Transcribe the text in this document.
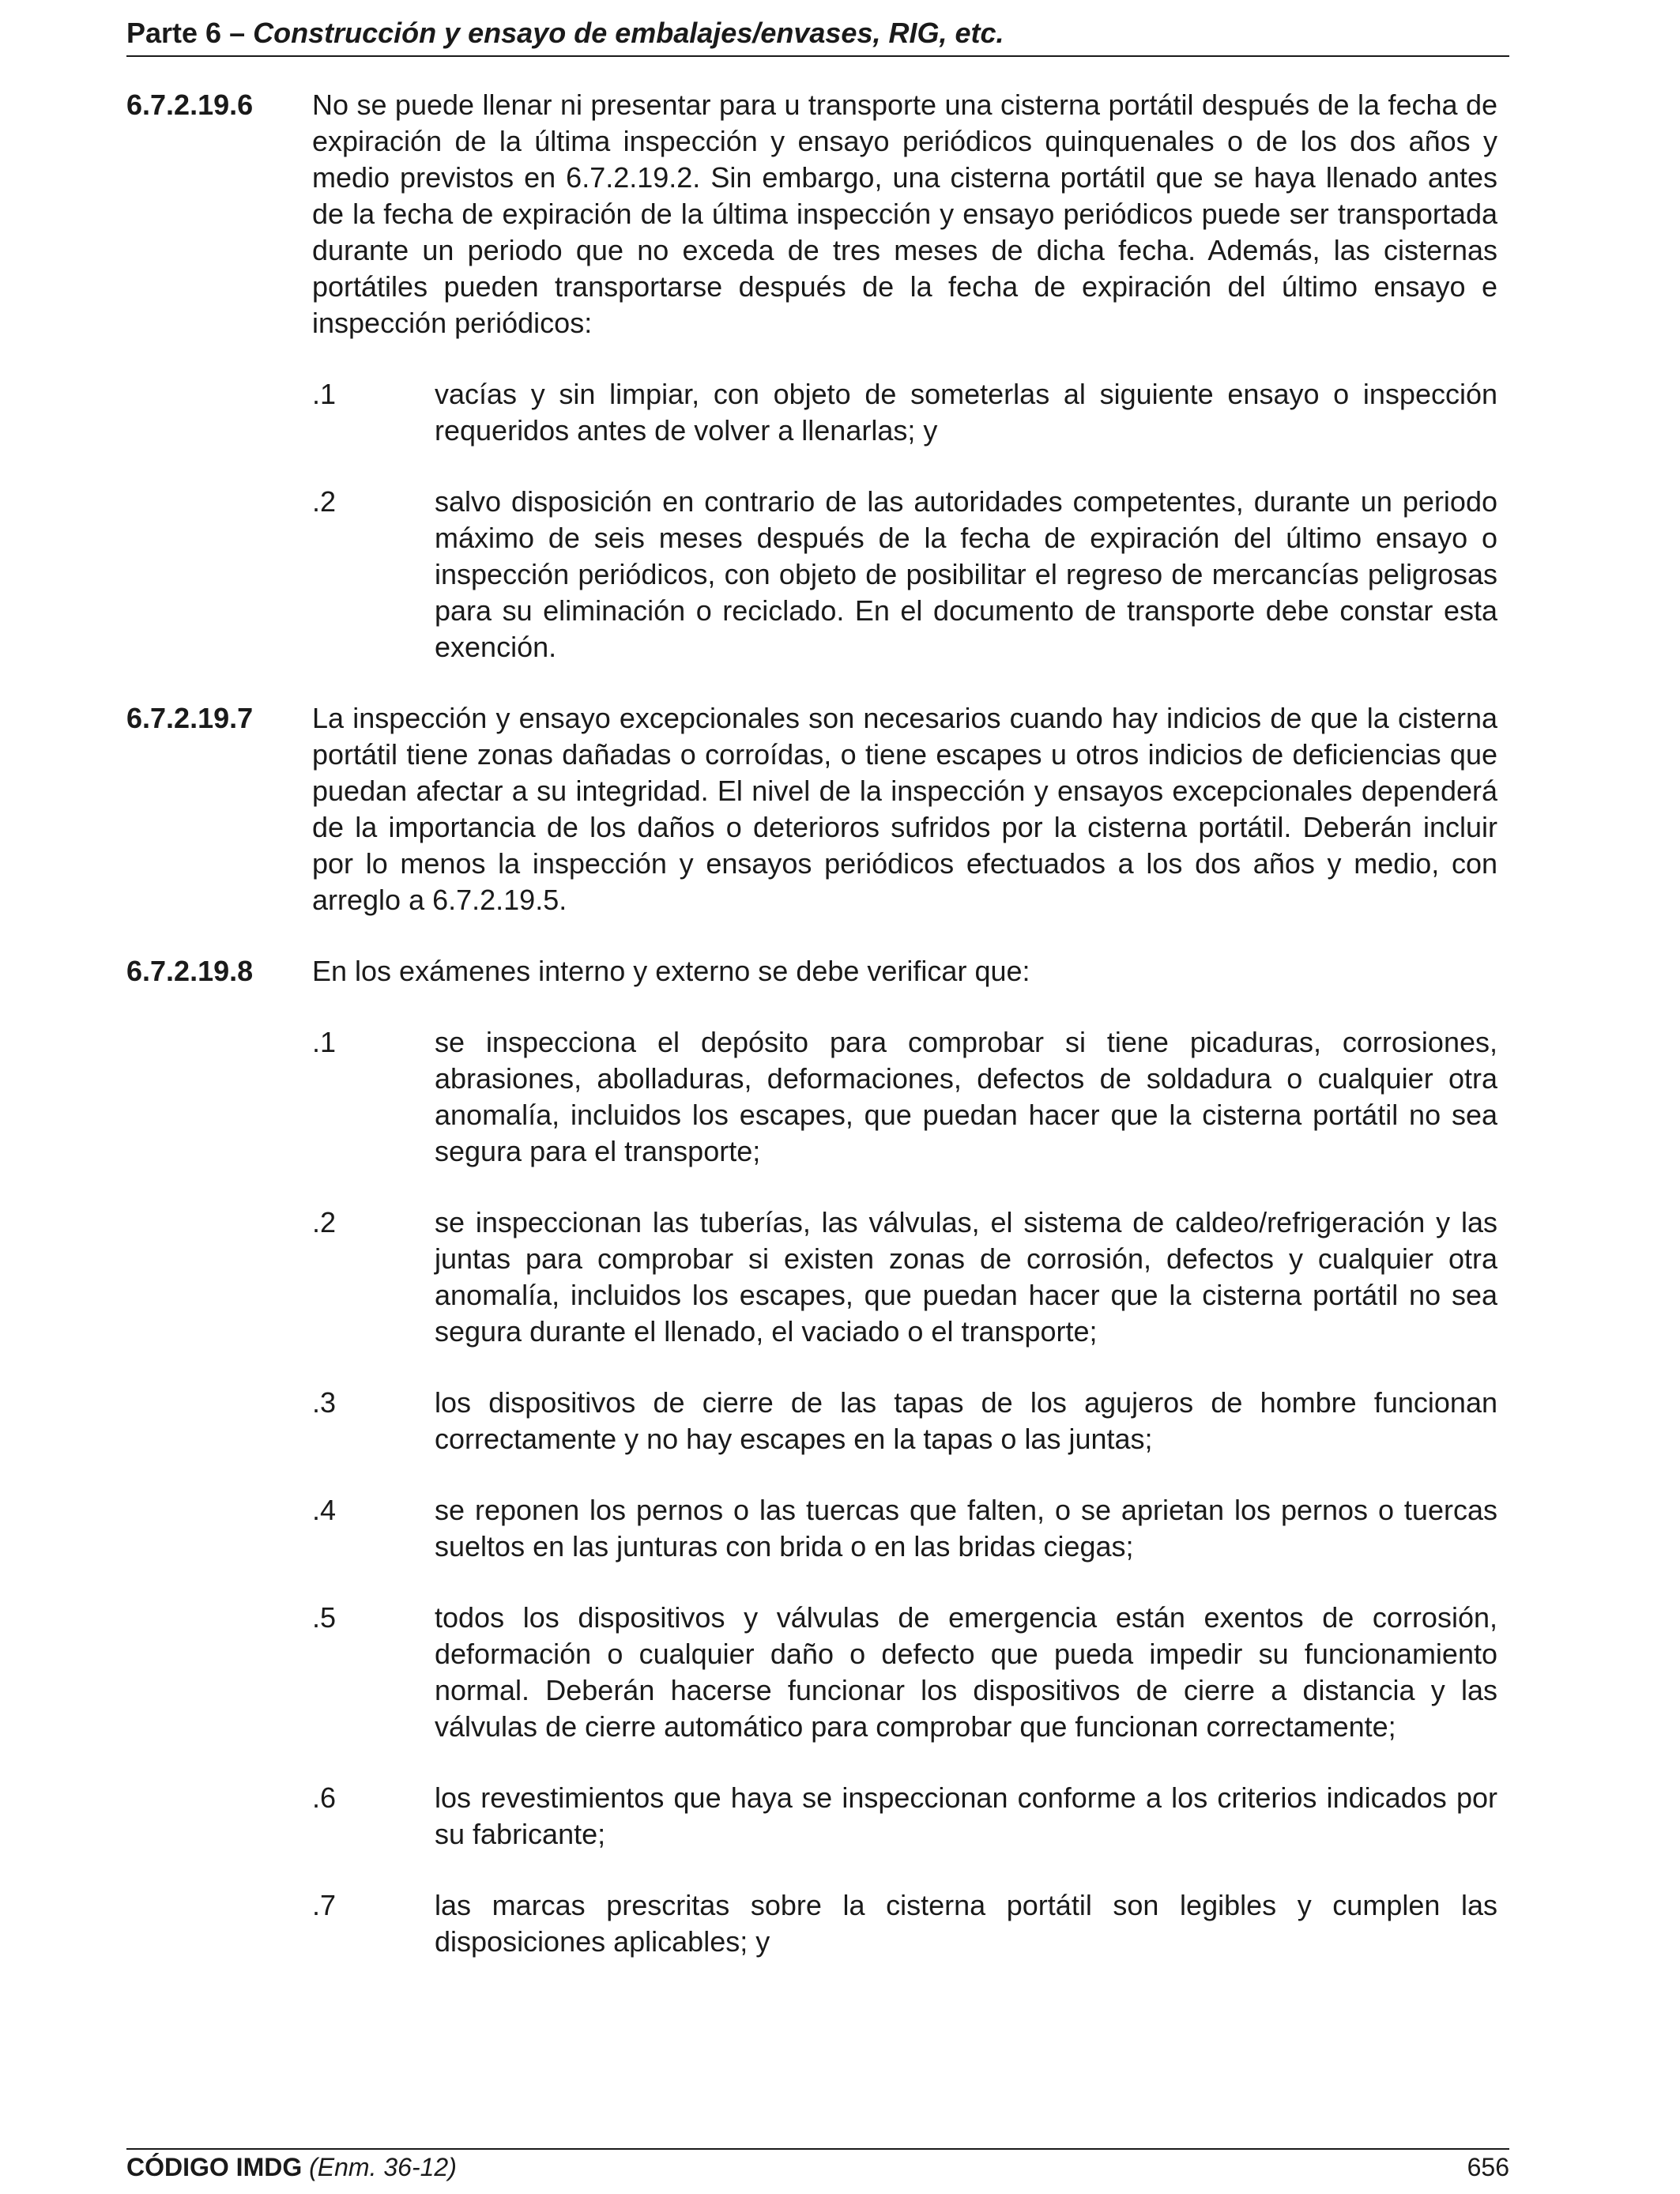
Parte 6 – Construcción y ensayo de embalajes/envases, RIG, etc.
6.7.2.19.6	No se puede llenar ni presentar para u transporte una cisterna portátil después de la fecha de expiración de la última inspección y ensayo periódicos quinquenales o de los dos años y medio previstos en 6.7.2.19.2. Sin embargo, una cisterna portátil que se haya llenado antes de la fecha de expiración de la última inspección y ensayo periódicos puede ser transportada durante un periodo que no exceda de tres meses de dicha fecha. Además, las cisternas portátiles pueden transportarse después de la fecha de expiración del último ensayo e inspección periódicos:
.1	vacías y sin limpiar, con objeto de someterlas al siguiente ensayo o inspección requeridos antes de volver a llenarlas; y
.2	salvo disposición en contrario de las autoridades competentes, durante un periodo máximo de seis meses después de la fecha de expiración del último ensayo o inspección periódicos, con objeto de posibilitar el regreso de mercancías peligrosas para su eliminación o reciclado. En el documento de transporte debe constar esta exención.
6.7.2.19.7	La inspección y ensayo excepcionales son necesarios cuando hay indicios de que la cisterna portátil tiene zonas dañadas o corroídas, o tiene escapes u otros indicios de deficiencias que puedan afectar a su integridad. El nivel de la inspección y ensayos excepcionales dependerá de la importancia de los daños o deterioros sufridos por la cisterna portátil. Deberán incluir por lo menos la inspección y ensayos periódicos efectuados a los dos años y medio, con arreglo a 6.7.2.19.5.
6.7.2.19.8	En los exámenes interno y externo se debe verificar que:
.1	se inspecciona el depósito para comprobar si tiene picaduras, corrosiones, abrasiones, abolladuras, deformaciones, defectos de soldadura o cualquier otra anomalía, incluidos los escapes, que puedan hacer que la cisterna portátil no sea segura para el transporte;
.2	se inspeccionan las tuberías, las válvulas, el sistema de caldeo/refrigeración y las juntas para comprobar si existen zonas de corrosión, defectos y cualquier otra anomalía, incluidos los escapes, que puedan hacer que la cisterna portátil no sea segura durante el llenado, el vaciado o el transporte;
.3	los dispositivos de cierre de las tapas de los agujeros de hombre funcionan correctamente y no hay escapes en la tapas o las juntas;
.4	se reponen los pernos o las tuercas que falten, o se aprietan los pernos o tuercas sueltos en las junturas con brida o en las bridas ciegas;
.5	todos los dispositivos y válvulas de emergencia están exentos de corrosión, deformación o cualquier daño o defecto que pueda impedir su funcionamiento normal. Deberán hacerse funcionar los dispositivos de cierre a distancia y las válvulas de cierre automático para comprobar que funcionan correctamente;
.6	los revestimientos que haya se inspeccionan conforme a los criterios indicados por su fabricante;
.7	las marcas prescritas sobre la cisterna portátil son legibles y cumplen las disposiciones aplicables; y
CÓDIGO IMDG (Enm. 36-12)	656
